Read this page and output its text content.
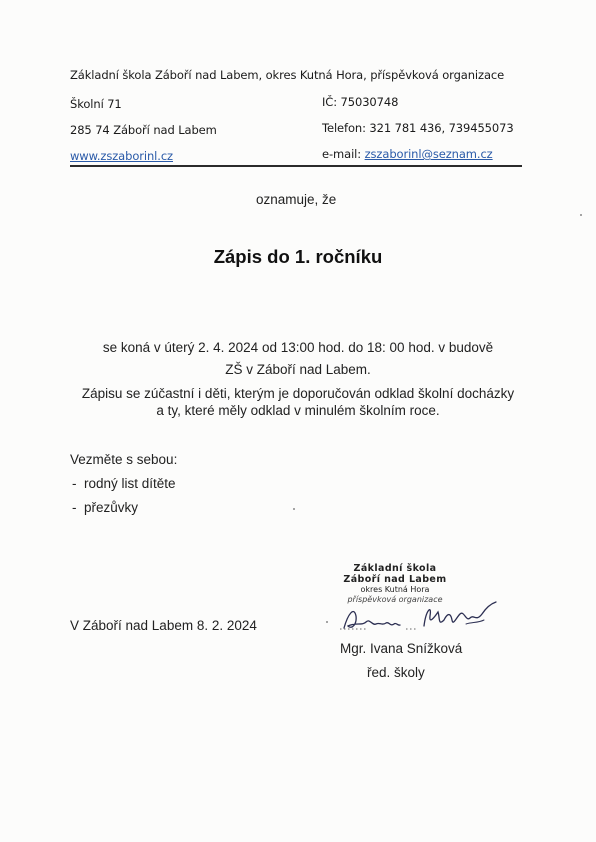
Základní škola Záboří nad Labem, okres Kutná Hora, příspěvková organizace
Školní 71	IČ: 75030748
285 74 Záboří nad Labem	Telefon: 321 781 436, 739455073
www.zszaborinl.cz	e-mail: zszaborinl@seznam.cz
oznamuje, že
Zápis do 1. ročníku
se koná v úterý 2. 4. 2024 od 13:00 hod. do 18: 00 hod. v budově
ZŠ v Záboří nad Labem.
Zápisu se zúčastní i děti, kterým je doporučován odklad školní docházky
a ty, které měly odklad v minulém školním roce.
Vezměte s sebou:
-  rodný list dítěte
-  přezůvky
V Záboří nad Labem 8. 2. 2024
Základní škola
Záboří nad Labem
okres Kutná Hora
příspěvková organizace
Mgr. Ivana Snížková
řed. školy
